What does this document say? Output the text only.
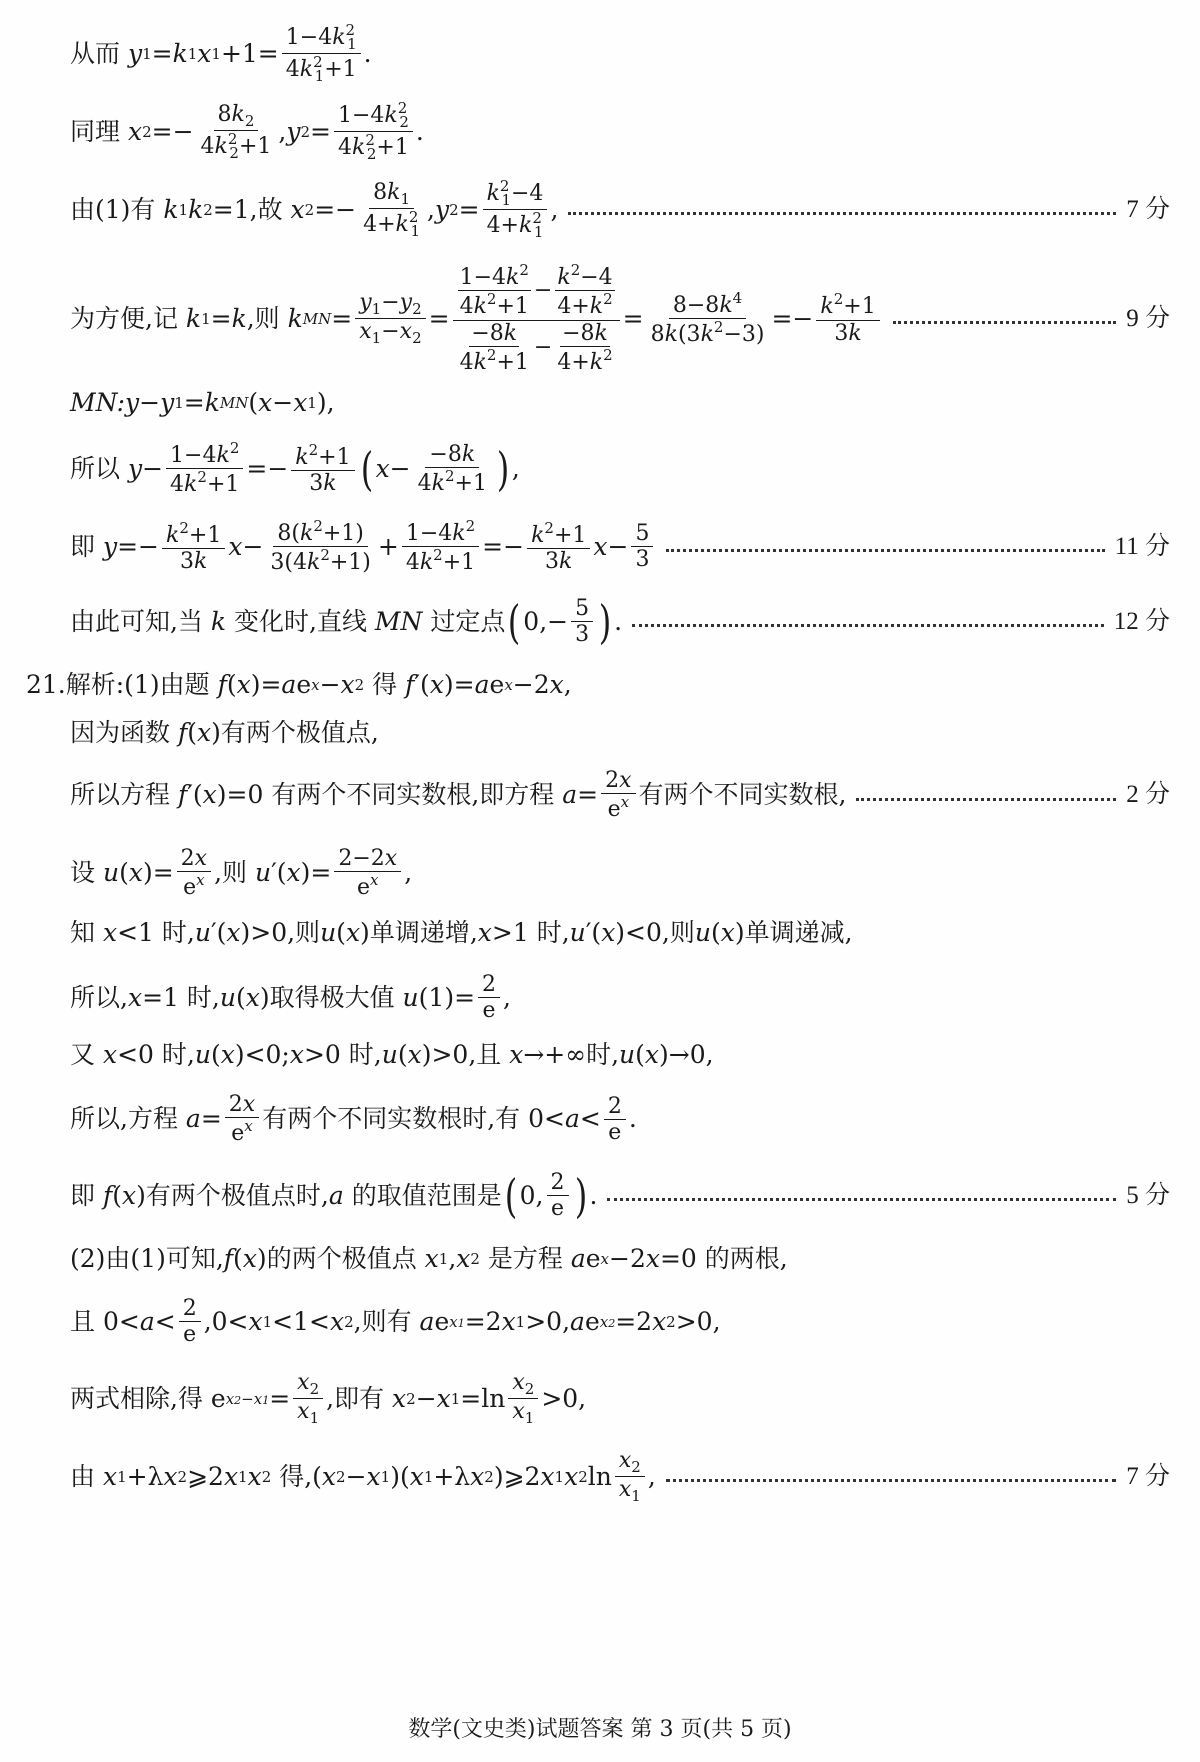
从而
y 1 = k 1 x $1 +1= \frac{1-4k^2_1}{4k^2_1+1}$ .
同理
x $2 =- \frac{8k_2}{4k^2_2+1}$ , y $2 = \frac{1-4k^2_2}{4k^2_2+1}$ .
由(1)有
k 1 k 2 =1 ,故
x $2 =- \frac{8k_1}{4+k^2_1}$ , y $2 = \frac{k^2_1-4}{4+k^2_1}$ ,	7 分
为方便,记
k 1 = k ,则
k MN = $\frac{y_1-y_2}{x_1-x_2} = \frac{\frac{1-4k^2}{4k^2+1} - \frac{k^2-4}{4+k^2}}{\frac{-8k}{4k^2+1} - \frac{-8k}{4+k^2}} = \frac{8-8k^4}{8k(3k^2-3)} =- \frac{k^2+1}{3k}$	9 分
MN: y − y 1 = k MN ( x − x 1 ),
所以
$y - \frac{1-4k^2}{4k^2+1} =- \frac{k^2+1}{3k}$ ( $x - \frac{-8k}{4k^2+1}$ ) ,
即
$y =- \frac{k^2+1}{3k}$ $x - \frac{8(k^2+1)}{3(4k^2+1)} + \frac{1-4k^2}{4k^2+1} =- \frac{k^2+1}{3k}$ $x - \frac{5}{3}$	11 分
由此可知,当 k 变化时,直线 MN 过定点 ( $0,- \frac{5}{3}$ ) .	12 分
21.解析:(1)由题
f ( x )= a e x − x 2
得
f ′( x )= a e x −2 x ,
因为函数
f ( x ) 有两个极值点,
所以方程
f ′( x )=0 有两个不同实数根,即方程
$a = \frac{2x}{e^x}$ 有两个不同实数根,	2 分
设
u ( x )= $\frac{2x}{e^x}$ ,则
u ′( x )= $\frac{2-2x}{e^x}$ ,
知
x <1 时, u ′( x )>0 ,则 u ( x ) 单调递增, x >1 时, u ′( x )<0 ,则 u ( x ) 单调递减,
所以, x =1 时, u ( x ) 取得极大值
u $(1)= \frac{2}{e}$ ,
又
x <0 时, u ( x )<0; x >0 时, u ( x )>0,且 x →+∞时, u ( x )→0,
所以,方程
$a = \frac{2x}{e^x}$ 有两个不同实数根时,有 $0< a < \frac{2}{e}$ .
即
f ( x ) 有两个极值点时, a
的取值范围是 ( 0, $\frac{2}{e}$ ) .	5 分
(2)由(1)可知, f ( x ) 的两个极值点
x 1 , x 2
是方程
a e x −2 x =0 的两根,
且 $0< a < \frac{2}{e} ,0< x$ 1 <1< x 2 ,则有
a e x1 =2 x 1 >0, a e x2 =2 x 2 >0,
两式相除,得 e $x2-x1 = \frac{x_2}{x_1}$ ,即有
x 2 − x $1 =\ln \frac{x_2}{x_1} >0$,
由
x 1 +λ x 2 ⩾2 x 1 x 2
得, ( x 2 − x 1 )( x 1 +λ x 2 )⩾2 x 1 x 2 $\ln \frac{x_2}{x_1}$ ,	7 分
数学(文史类)试题答案 第 3 页(共 5 页)
